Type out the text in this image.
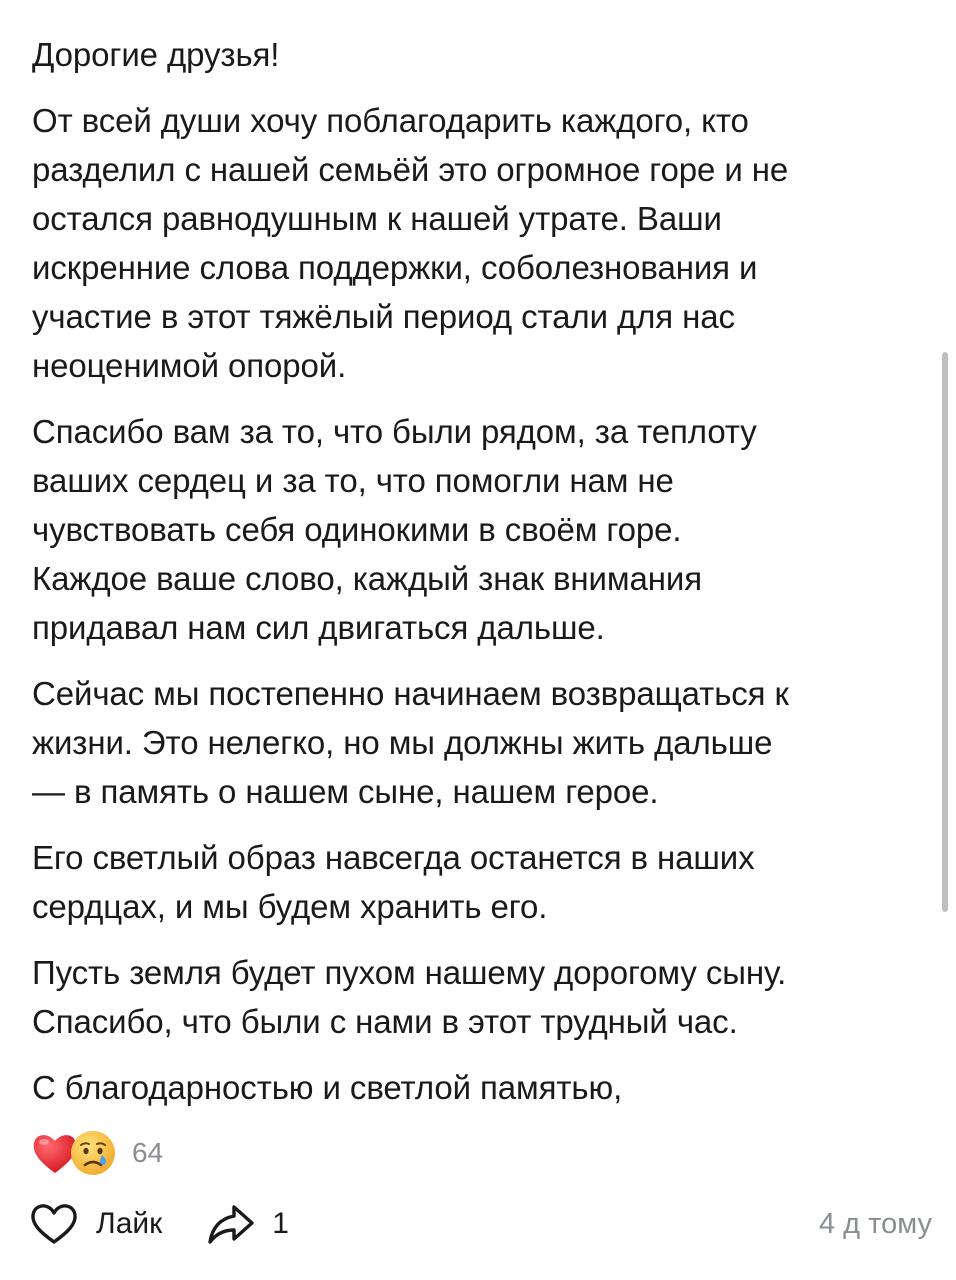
Дорогие друзья!

От всей души хочу поблагодарить каждого, кто
разделил с нашей семьёй это огромное горе и не
остался равнодушным к нашей утрате. Ваши
искренние слова поддержки, соболезнования и
участие в этот тяжёлый период стали для нас
неоценимой опорой.

Спасибо вам за то, что были рядом, за теплоту
ваших сердец и за то, что помогли нам не
чувствовать себя одинокими в своём горе.
Каждое ваше слово, каждый знак внимания
придавал нам сил двигаться дальше.

Сейчас мы постепенно начинаем возвращаться к
жизни. Это нелегко, но мы должны жить дальше
— в память о нашем сыне, нашем герое.

Его светлый образ навсегда останется в наших
сердцах, и мы будем хранить его.

Пусть земля будет пухом нашему дорогому сыну.
Спасибо, что были с нами в этот трудный час.

С благодарностью и светлой памятью,

64
Лайк	1	4 д тому
